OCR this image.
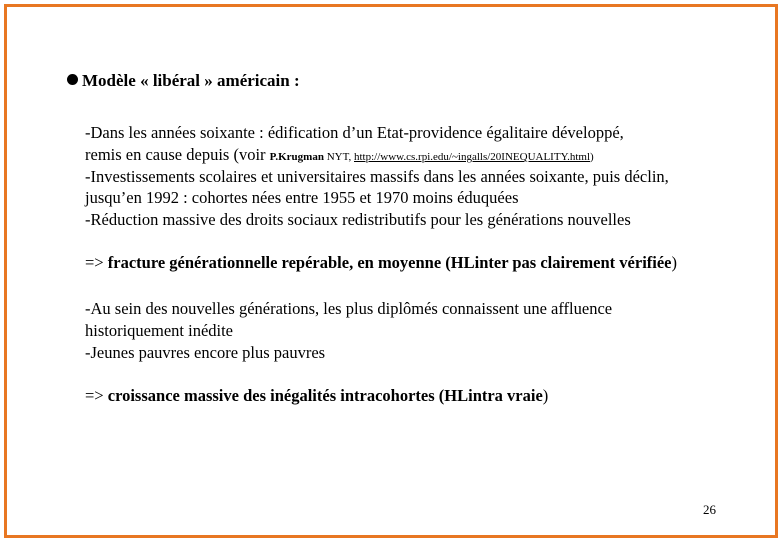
Modèle « libéral » américain :
-Dans les années soixante : édification d’un Etat-providence égalitaire développé,
remis en cause depuis (voir P.Krugman NYT, http://www.cs.rpi.edu/~ingalls/20INEQUALITY.html)
-Investissements scolaires et universitaires massifs dans les années soixante, puis déclin,
jusqu’en 1992 : cohortes nées entre 1955 et 1970 moins éduquées
-Réduction massive des droits sociaux redistributifs pour les générations nouvelles
=> fracture générationnelle repérable, en moyenne (HLinter pas clairement vérifiée)
-Au sein des nouvelles générations, les plus diplômés connaissent une affluence
historiquement inédite
-Jeunes pauvres encore plus pauvres
=> croissance massive des inégalités intracohortes (HLintra vraie)
26
